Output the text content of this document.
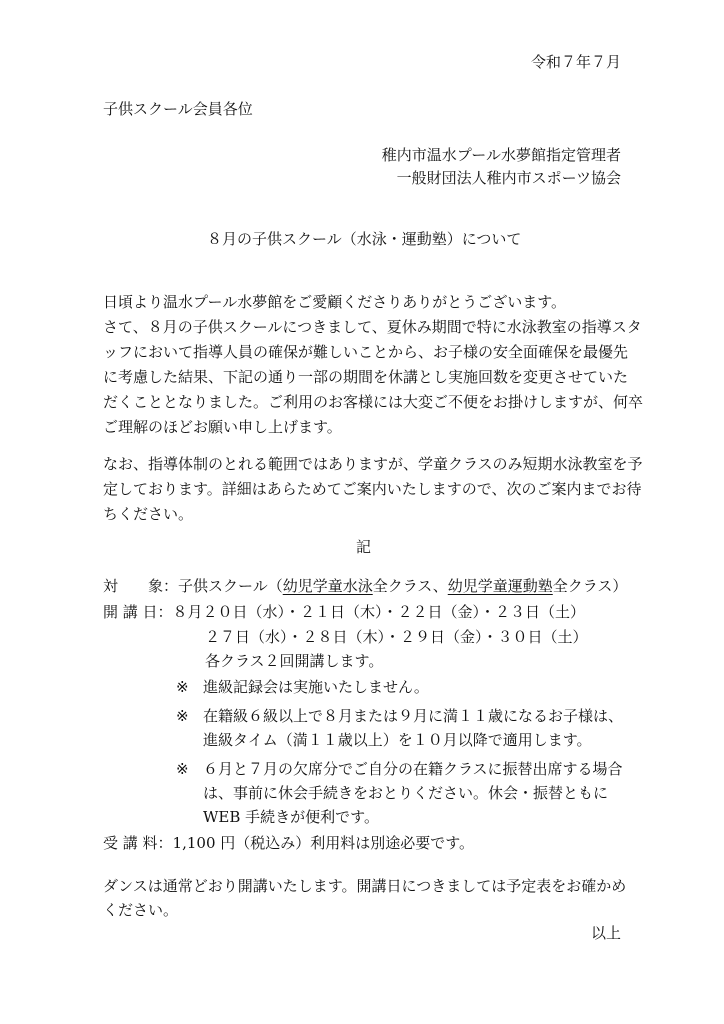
令和７年７月
子供スクール会員各位
稚内市温水プール水夢館指定管理者
一般財団法人稚内市スポーツ協会
８月の子供スクール（水泳・運動塾）について
日頃より温水プール水夢館をご愛顧くださりありがとうございます。
さて、８月の子供スクールにつきまして、夏休み期間で特に水泳教室の指導スタ
ッフにおいて指導人員の確保が難しいことから、お子様の安全面確保を最優先
に考慮した結果、下記の通り一部の期間を休講とし実施回数を変更させていた
だくこととなりました。ご利用のお客様には大変ご不便をお掛けしますが、何卒
ご理解のほどお願い申し上げます。
なお、指導体制のとれる範囲ではありますが、学童クラスのみ短期水泳教室を予
定しております。詳細はあらためてご案内いたしますので、次のご案内までお待
ちください。
記
対　　象：子供スクール（幼児学童水泳全クラス、幼児学童運動塾全クラス）
開 講 日：８月２０日（水）・２１日（木）・２２日（金）・２３日（土）
２７日（水）・２８日（木）・２９日（金）・３０日（土）
各クラス２回開講します。
※ 進級記録会は実施いたしません。
※ 在籍級６級以上で８月または９月に満１１歳になるお子様は、
進級タイム（満１１歳以上）を１０月以降で適用します。
※ ６月と７月の欠席分でご自分の在籍クラスに振替出席する場合
は、事前に休会手続きをおとりください。休会・振替ともに
WEB 手続きが便利です。
受 講 料：1,100 円（税込み）利用料は別途必要です。
ダンスは通常どおり開講いたします。開講日につきましては予定表をお確かめ
ください。
以上
